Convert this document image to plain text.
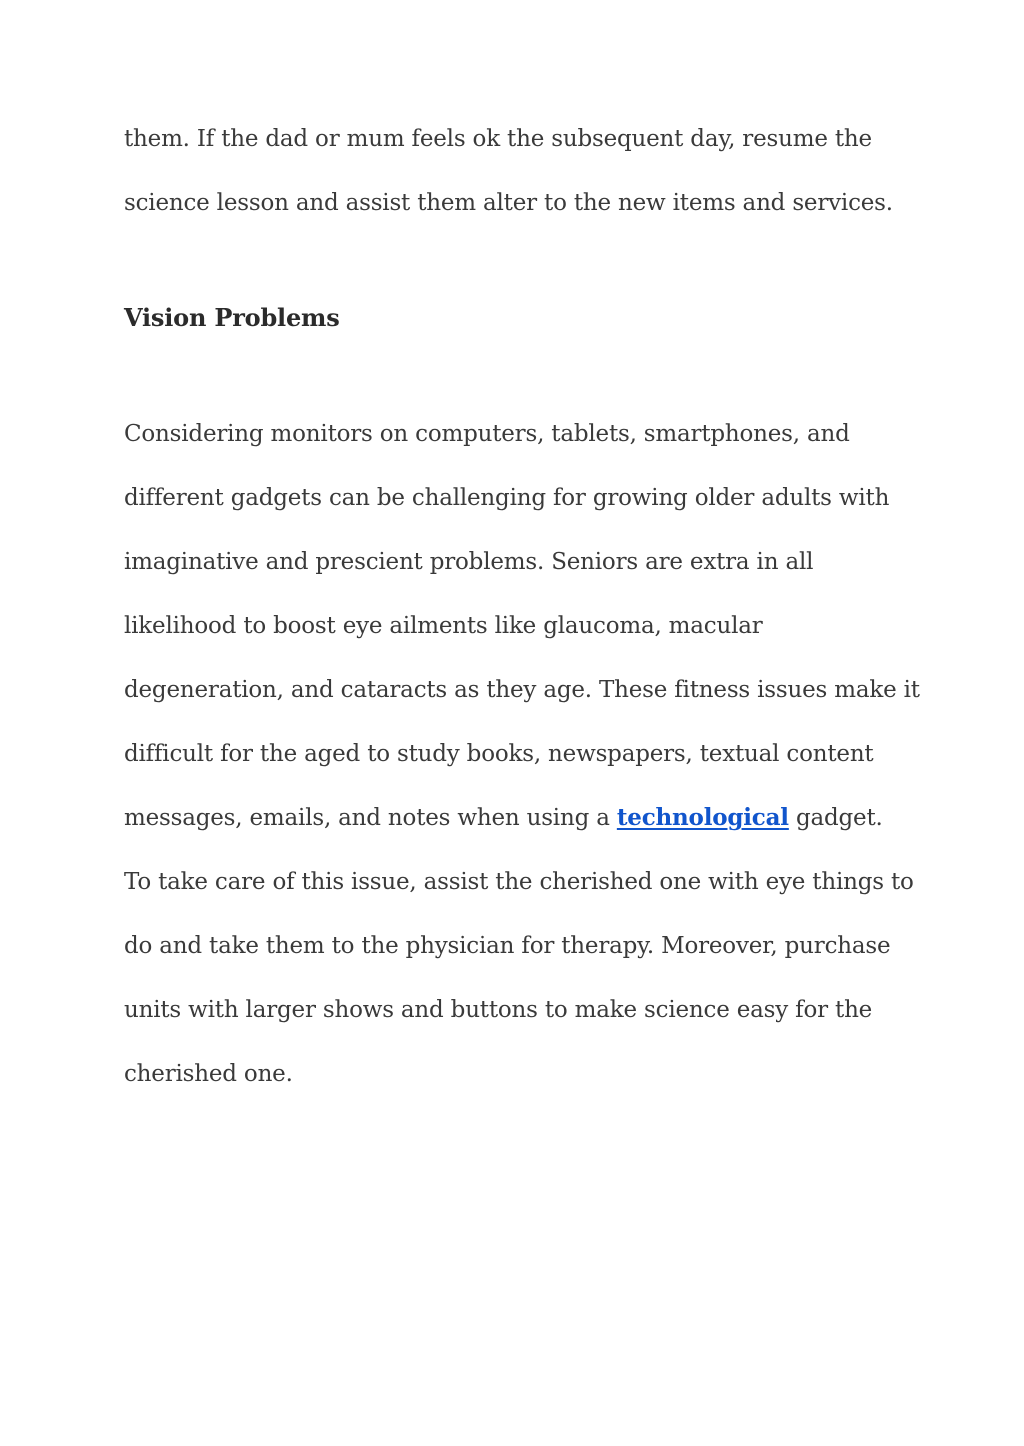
them. If the dad or mum feels ok the subsequent day, resume the
science lesson and assist them alter to the new items and services.
Vision Problems
Considering monitors on computers, tablets, smartphones, and
different gadgets can be challenging for growing older adults with
imaginative and prescient problems. Seniors are extra in all
likelihood to boost eye ailments like glaucoma, macular
degeneration, and cataracts as they age. These fitness issues make it
difficult for the aged to study books, newspapers, textual content
messages, emails, and notes when using a technological gadget.
To take care of this issue, assist the cherished one with eye things to
do and take them to the physician for therapy. Moreover, purchase
units with larger shows and buttons to make science easy for the
cherished one.
